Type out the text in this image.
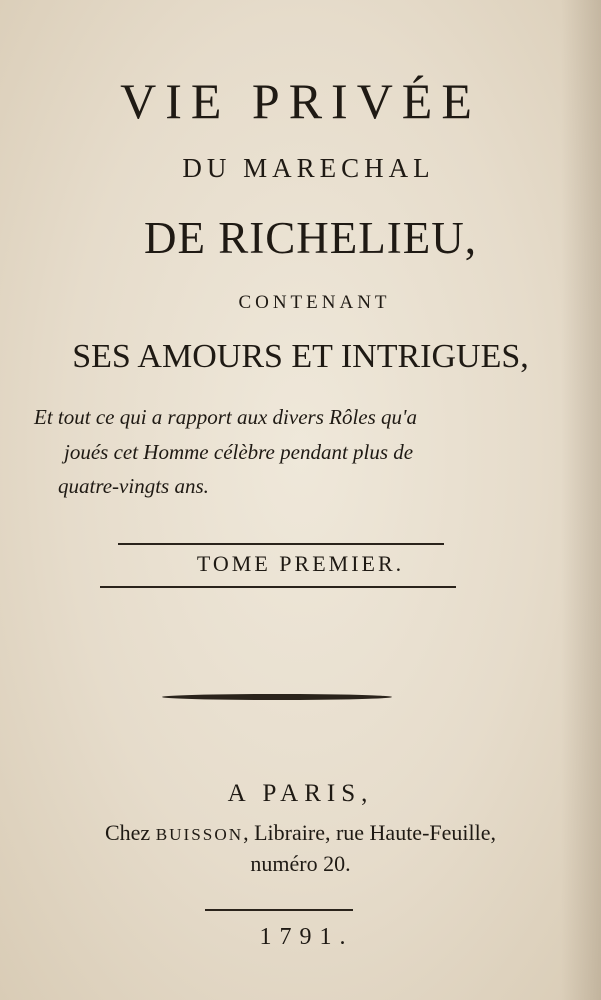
VIE PRIVÉE
DU MARECHAL
DE RICHELIEU,
CONTENANT
SES AMOURS ET INTRIGUES,
Et tout ce qui a rapport aux divers Rôles qu'a
joués cet Homme célèbre pendant plus de
quatre-vingts ans.
TOME PREMIER.
A PARIS,
Chez BUISSON, Libraire, rue Haute-Feuille,
numéro 20.
1791.
